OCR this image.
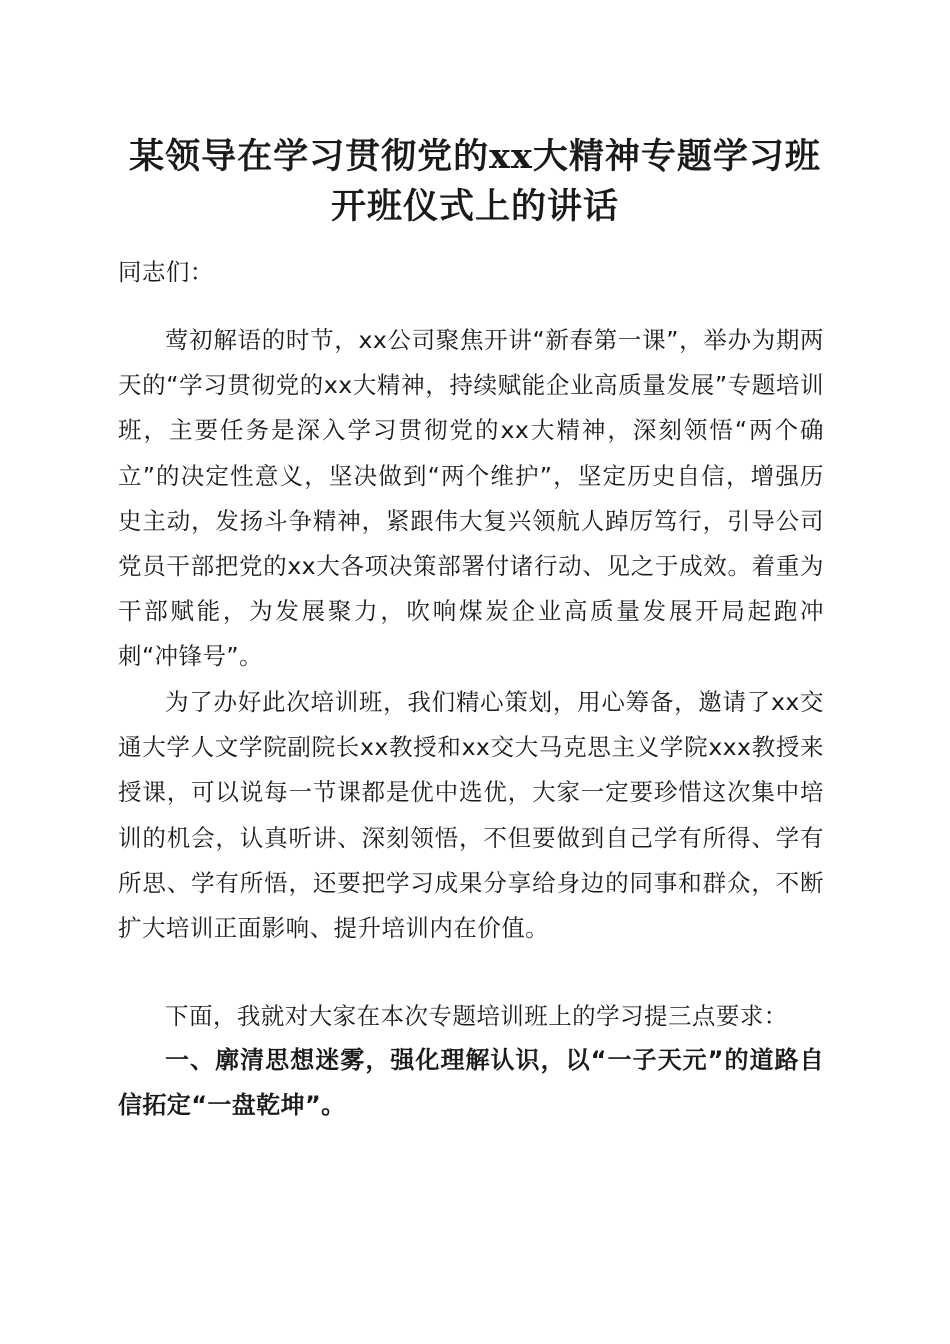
某领导在学习贯彻党的xx大精神专题学习班
开班仪式上的讲话

同志们：

莺初解语的时节，xx公司聚焦开讲“新春第一课”，举办为期两天的“学习贯彻党的xx大精神，持续赋能企业高质量发展”专题培训班，主要任务是深入学习贯彻党的xx大精神，深刻领悟“两个确立”的决定性意义，坚决做到“两个维护”，坚定历史自信，增强历史主动，发扬斗争精神，紧跟伟大复兴领航人踔厉笃行，引导公司党员干部把党的xx大各项决策部署付诸行动、见之于成效。着重为干部赋能，为发展聚力，吹响煤炭企业高质量发展开局起跑冲刺“冲锋号”。

为了办好此次培训班，我们精心策划，用心筹备，邀请了xx交通大学人文学院副院长xx教授和xx交大马克思主义学院xxx教授来授课，可以说每一节课都是优中选优，大家一定要珍惜这次集中培训的机会，认真听讲、深刻领悟，不但要做到自己学有所得、学有所思、学有所悟，还要把学习成果分享给身边的同事和群众，不断扩大培训正面影响、提升培训内在价值。

下面，我就对大家在本次专题培训班上的学习提三点要求：

一、廓清思想迷雾，强化理解认识，以“一子天元”的道路自信拓定“一盘乾坤”。
